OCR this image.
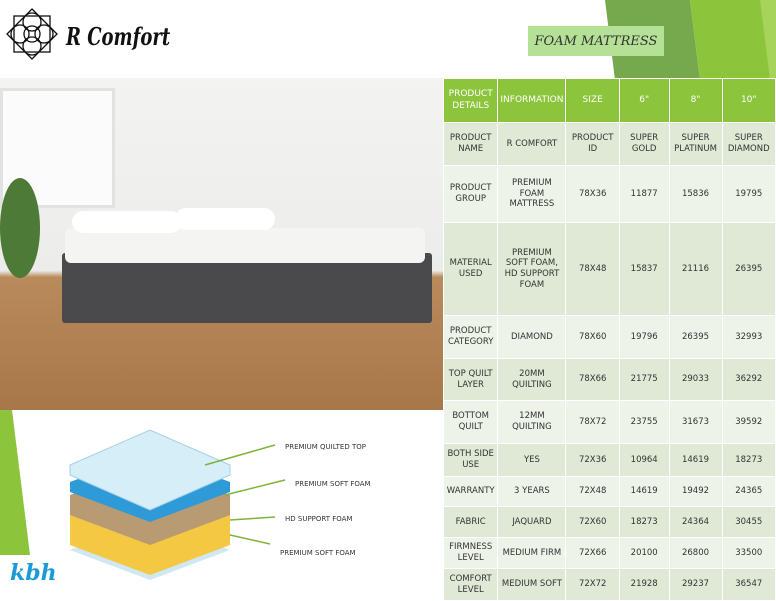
R Comfort	FOAM MATTRESS
PRODUCT DETAILS	INFORMATION	SIZE	6"	8"	10"
PRODUCT NAME	R COMFORT	PRODUCT ID	SUPER GOLD	SUPER PLATINUM	SUPER DIAMOND
PRODUCT GROUP	PREMIUM FOAM MATTRESS	78X36	11877	15836	19795
MATERIAL USED	PREMIUM SOFT FOAM, HD SUPPORT FOAM	78X48	15837	21116	26395
PRODUCT CATEGORY	DIAMOND	78X60	19796	26395	32993
TOP QUILT LAYER	20MM QUILTING	78X66	21775	29033	36292
BOTTOM QUILT	12MM QUILTING	78X72	23755	31673	39592
BOTH SIDE USE	YES	72X36	10964	14619	18273
WARRANTY	3 YEARS	72X48	14619	19492	24365
FABRIC	JAQUARD	72X60	18273	24364	30455
FIRMNESS LEVEL	MEDIUM FIRM	72X66	20100	26800	33500
COMFORT LEVEL	MEDIUM SOFT	72X72	21928	29237	36547
PREMIUM QUILTED TOP
PREMIUM SOFT FOAM
HD SUPPORT FOAM
PREMIUM SOFT FOAM
kbh
